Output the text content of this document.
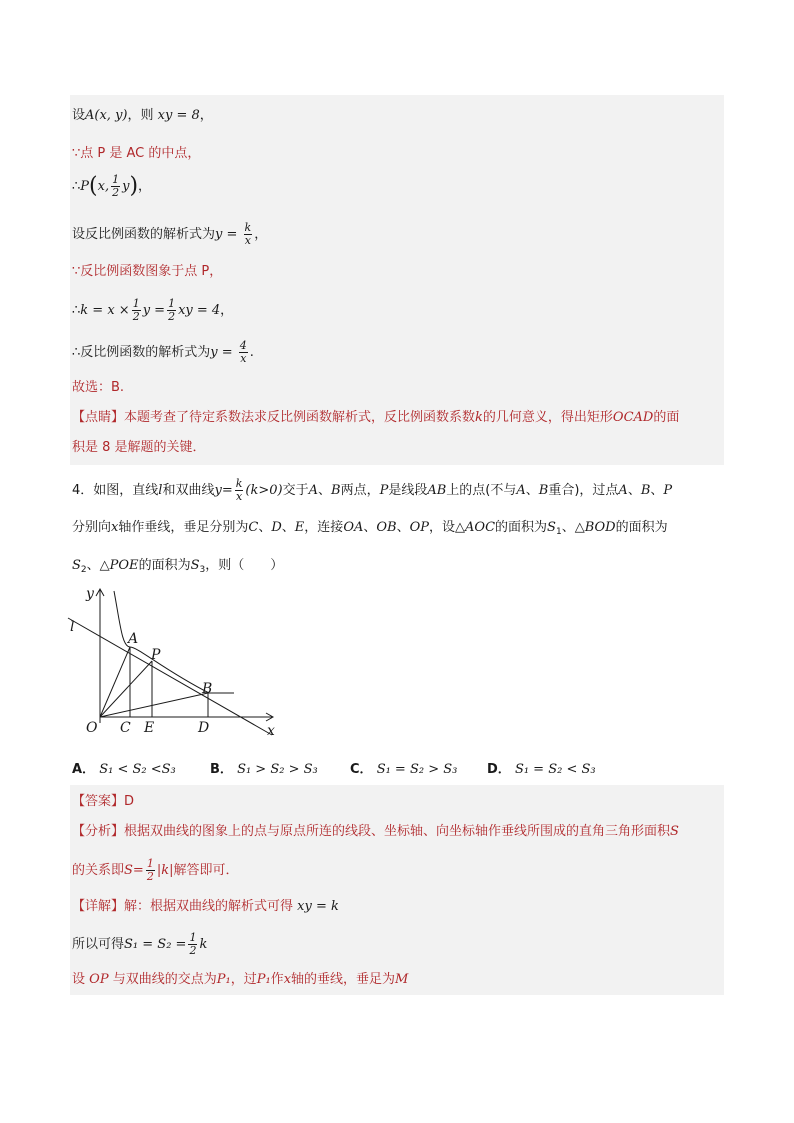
设A(x, y)，则 xy = 8，
∵点 P 是 AC 的中点，
∴P(x, $\frac{1}{2} y$)，
设反比例函数的解析式为$y = \frac{k}{x}$ ，
∵反比例函数图象于点 P，
∴k = $x \times \frac{1}{2}$ $y = \frac{1}{2}$ xy = 4，
∴反比例函数的解析式为$y = \frac{4}{x}$ .
故选：B.
【点睛】本题考查了待定系数法求反比例函数解析式，反比例函数系数k的几何意义，得出矩形OCAD的面
积是 8 是解题的关键．
4．如图，直线l和双曲线$y= \frac{k}{x} (k>0)$交于A、B两点，P是线段AB上的点(不与A、B重合)，过点A、B、P
分别向x轴作垂线，垂足分别为C、D、E，连接OA、OB、OP，设△AOC的面积为$S_1$、△BOD的面积为
$S_2$、△POE的面积为$S_3$，则（　　）
y
l
A
P
B
O C E	D	x
A． S₁ < S₂ <S₃	B． S₁ > S₂ > S₃ C． S₁ = S₂ > S₃ D． S₁ = S₂ < S₃
【答案】D
【分析】根据双曲线的图象上的点与原点所连的线段、坐标轴、向坐标轴作垂线所围成的直角三角形面积S
的关系即$S= \frac{1}{2} |k|$解答即可．
【详解】解：根据双曲线的解析式可得 xy = k
所以可得$S_1 = S_2 = \frac{1}{2}$ k
设 OP 与双曲线的交点为P₁，过P₁作x轴的垂线，垂足为M
